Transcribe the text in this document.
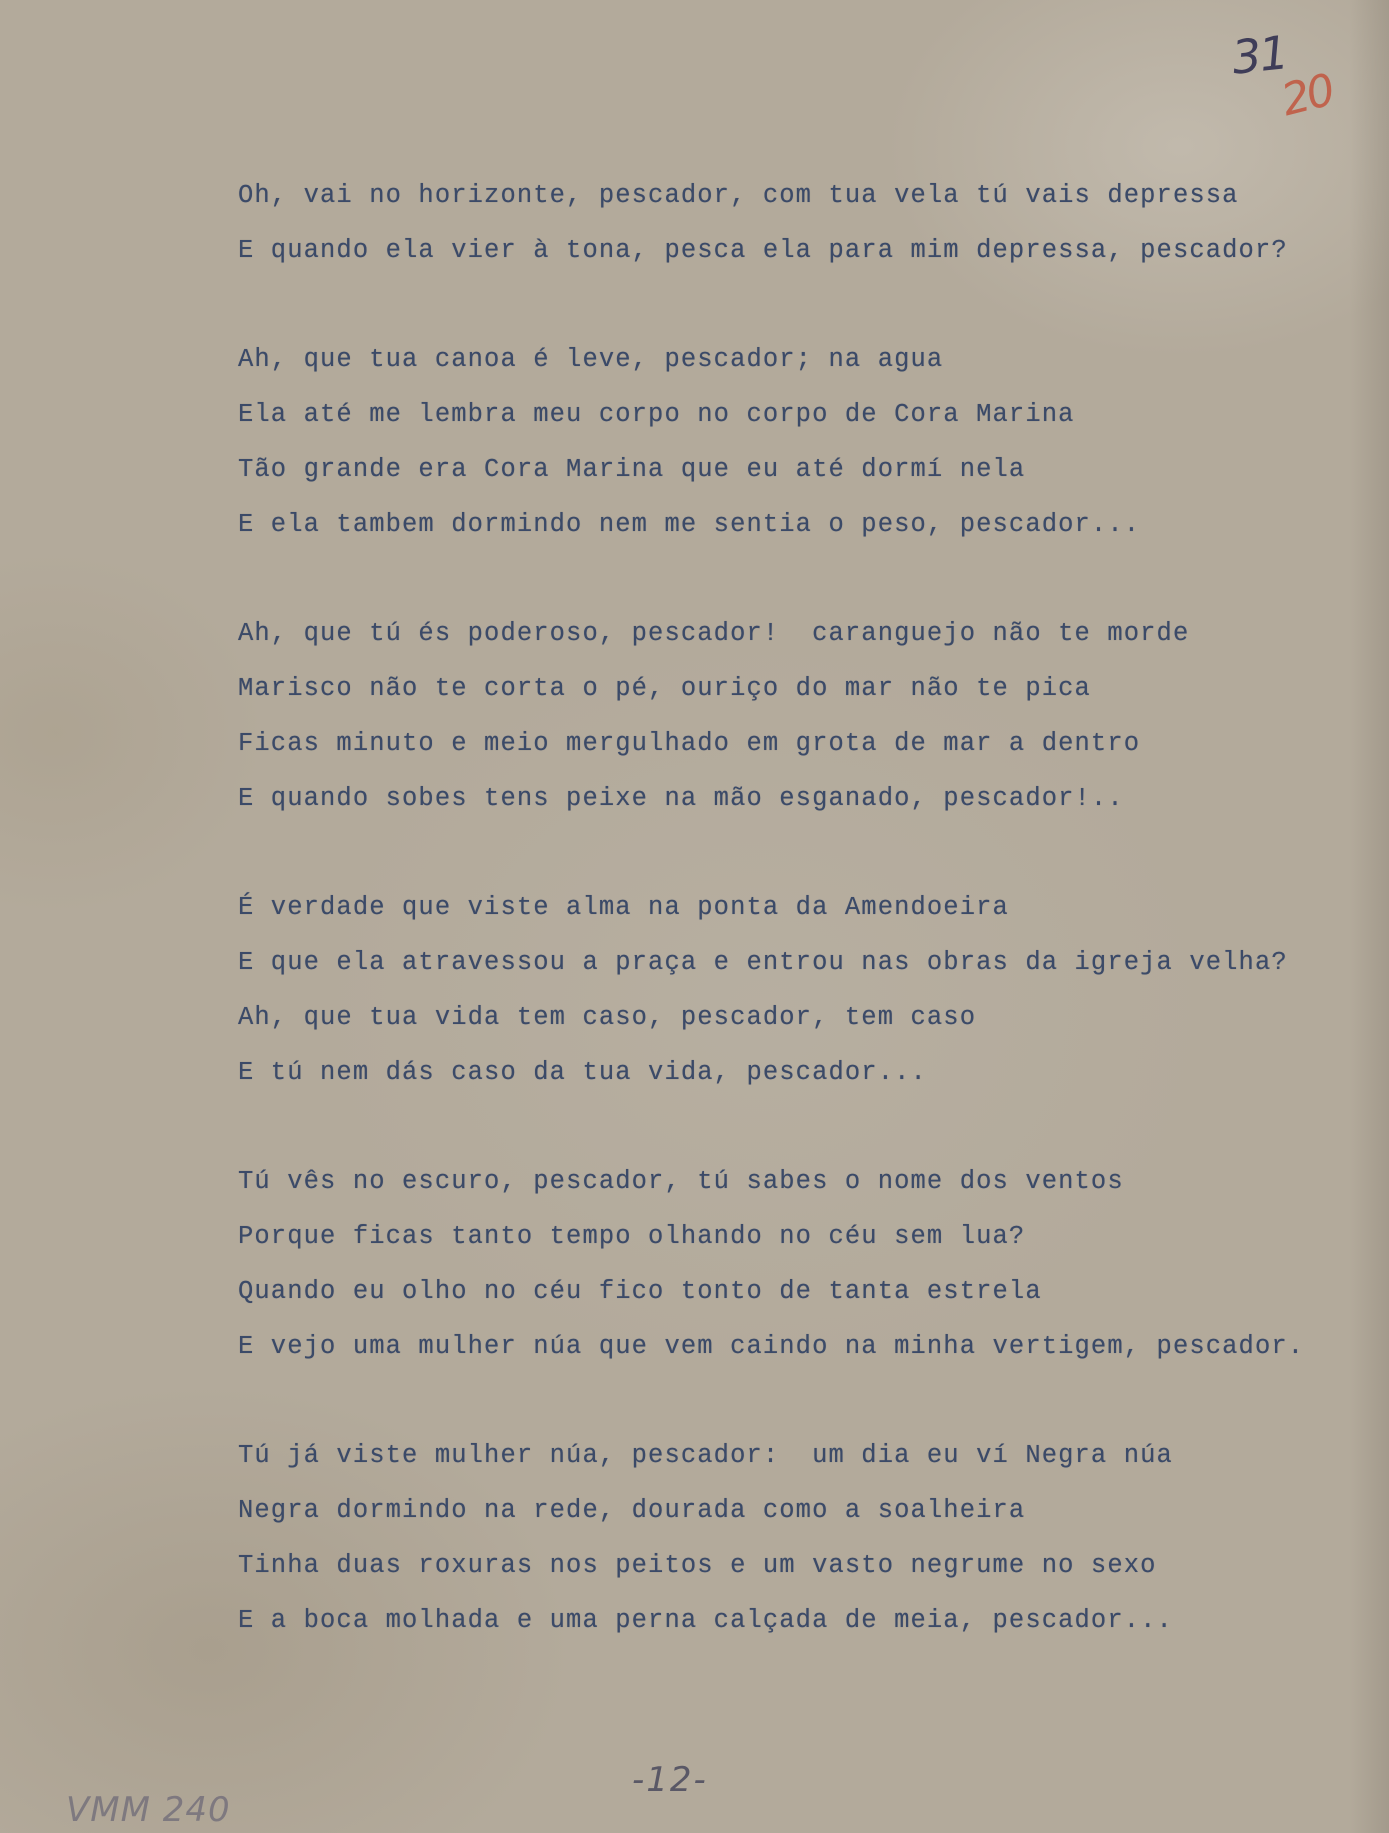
31
20
Oh, vai no horizonte, pescador, com tua vela tú vais depressa
E quando ela vier à tona, pesca ela para mim depressa, pescador?
Ah, que tua canoa é leve, pescador; na agua
Ela até me lembra meu corpo no corpo de Cora Marina
Tão grande era Cora Marina que eu até dormí nela
E ela tambem dormindo nem me sentia o peso, pescador...
Ah, que tú és poderoso, pescador!  caranguejo não te morde
Marisco não te corta o pé, ouriço do mar não te pica
Ficas minuto e meio mergulhado em grota de mar a dentro
E quando sobes tens peixe na mão esganado, pescador!..
É verdade que viste alma na ponta da Amendoeira
E que ela atravessou a praça e entrou nas obras da igreja velha?
Ah, que tua vida tem caso, pescador, tem caso
E tú nem dás caso da tua vida, pescador...
Tú vês no escuro, pescador, tú sabes o nome dos ventos
Porque ficas tanto tempo olhando no céu sem lua?
Quando eu olho no céu fico tonto de tanta estrela
E vejo uma mulher núa que vem caindo na minha vertigem, pescador.
Tú já viste mulher núa, pescador:  um dia eu ví Negra núa
Negra dormindo na rede, dourada como a soalheira
Tinha duas roxuras nos peitos e um vasto negrume no sexo
E a boca molhada e uma perna calçada de meia, pescador...
-12-
VMM 240
